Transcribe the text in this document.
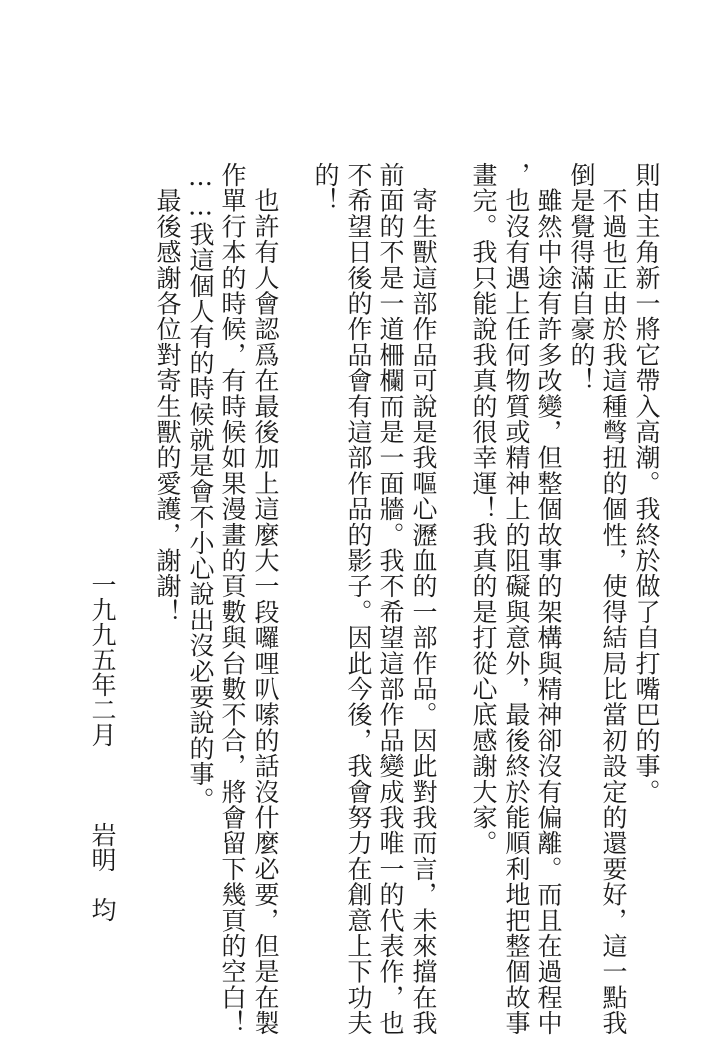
則由主角新一將它帶入高潮。我終於做了自打嘴巴的事。

　不過也正由於我這種彆扭的個性，使得結局比當初設定的還要好，這一點我

倒是覺得滿自豪的！

　雖然中途有許多改變，但整個故事的架構與精神卻沒有偏離。而且在過程中

，也沒有遇上任何物質或精神上的阻礙與意外，最後終於能順利地把整個故事

畫完。我只能說我真的很幸運！我真的是打從心底感謝大家。

　寄生獸這部作品可說是我嘔心瀝血的一部作品。因此對我而言，未來擋在我

前面的不是一道柵欄而是一面牆。我不希望這部作品變成我唯一的代表作，也

不希望日後的作品會有這部作品的影子。因此今後，我會努力在創意上下功夫

的！

　也許有人會認爲在最後加上這麼大一段囉哩叭嗦的話沒什麼必要，但是在製

作單行本的時候，有時候如果漫畫的頁數與台數不合，將會留下幾頁的空白！

……我這個人有的時候就是會不小心說出沒必要說的事。

　最後感謝各位對寄生獸的愛護，謝謝！

一九九五年二月

岩明　均
